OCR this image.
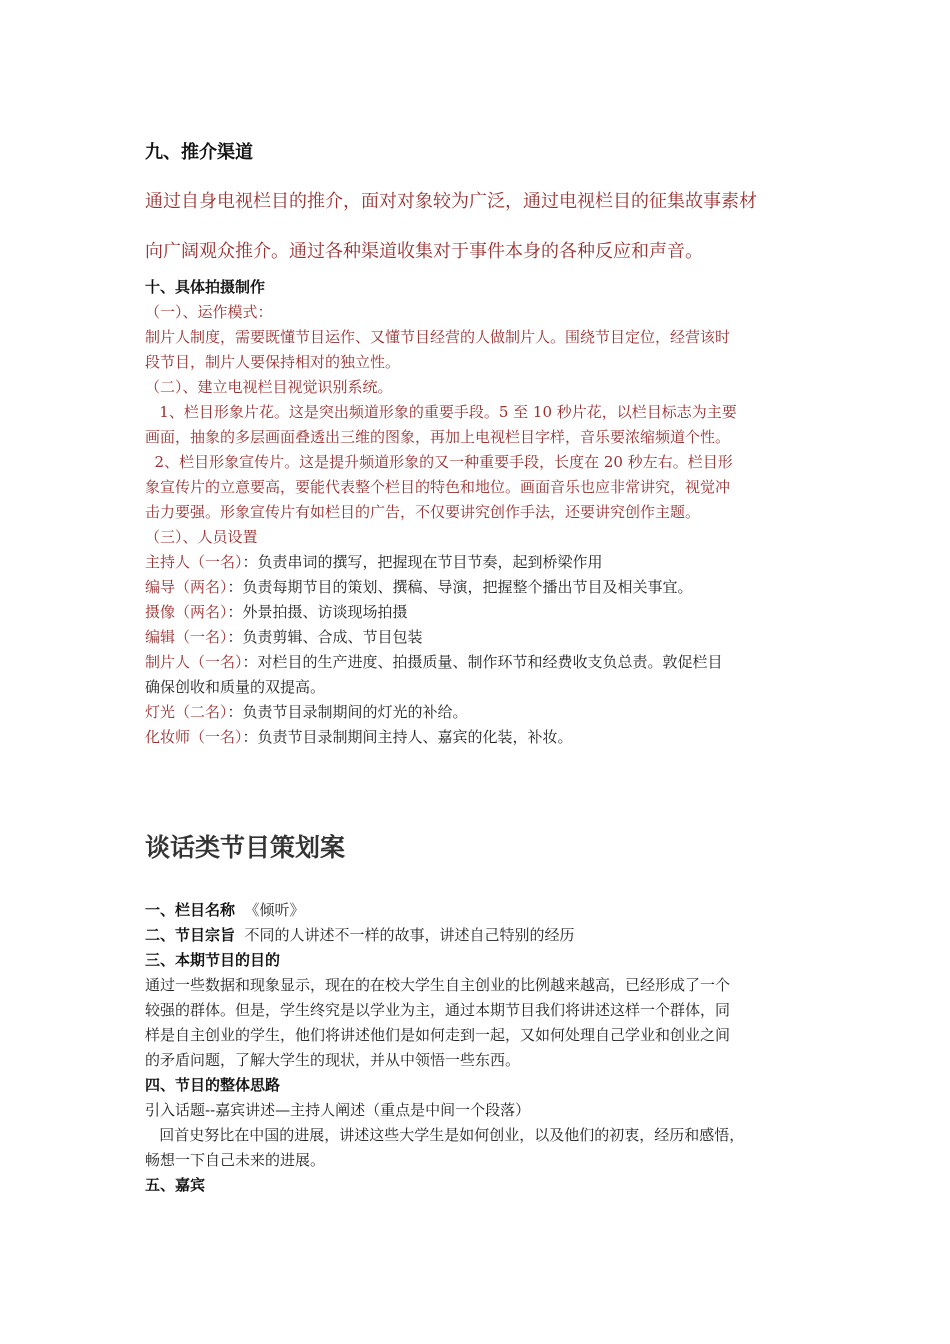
九、推介渠道
通过自身电视栏目的推介，面对对象较为广泛，通过电视栏目的征集故事素材
向广阔观众推介。通过各种渠道收集对于事件本身的各种反应和声音。
十、具体拍摄制作
（一）、运作模式：
制片人制度，需要既懂节目运作、又懂节目经营的人做制片人。围绕节目定位，经营该时
段节目，制片人要保持相对的独立性。
（二）、建立电视栏目视觉识别系统。
1、栏目形象片花。这是突出频道形象的重要手段。5 至 10 秒片花，以栏目标志为主要
画面，抽象的多层画面叠透出三维的图象，再加上电视栏目字样，音乐要浓缩频道个性。
2、栏目形象宣传片。这是提升频道形象的又一种重要手段，长度在 20 秒左右。栏目形
象宣传片的立意要高，要能代表整个栏目的特色和地位。画面音乐也应非常讲究，视觉冲
击力要强。形象宣传片有如栏目的广告，不仅要讲究创作手法，还要讲究创作主题。
（三）、人员设置
主持人（一名）：负责串词的撰写，把握现在节目节奏，起到桥梁作用
编导（两名）：负责每期节目的策划、撰稿、导演，把握整个播出节目及相关事宜。
摄像（两名）：外景拍摄、访谈现场拍摄
编辑（一名）：负责剪辑、合成、节目包装
制片人（一名）：对栏目的生产进度、拍摄质量、制作环节和经费收支负总责。敦促栏目
确保创收和质量的双提高。
灯光（二名）：负责节目录制期间的灯光的补给。
化妆师（一名）：负责节目录制期间主持人、嘉宾的化装，补妆。
谈话类节目策划案
一、栏目名称  《倾听》
二、节目宗旨  不同的人讲述不一样的故事，讲述自己特别的经历
三、本期节目的目的
通过一些数据和现象显示，现在的在校大学生自主创业的比例越来越高，已经形成了一个
较强的群体。但是，学生终究是以学业为主，通过本期节目我们将讲述这样一个群体，同
样是自主创业的学生，他们将讲述他们是如何走到一起，又如何处理自己学业和创业之间
的矛盾问题，了解大学生的现状，并从中领悟一些东西。
四、节目的整体思路
引入话题--嘉宾讲述—主持人阐述（重点是中间一个段落）
回首史努比在中国的进展，讲述这些大学生是如何创业，以及他们的初衷，经历和感悟，
畅想一下自己未来的进展。
五、嘉宾
